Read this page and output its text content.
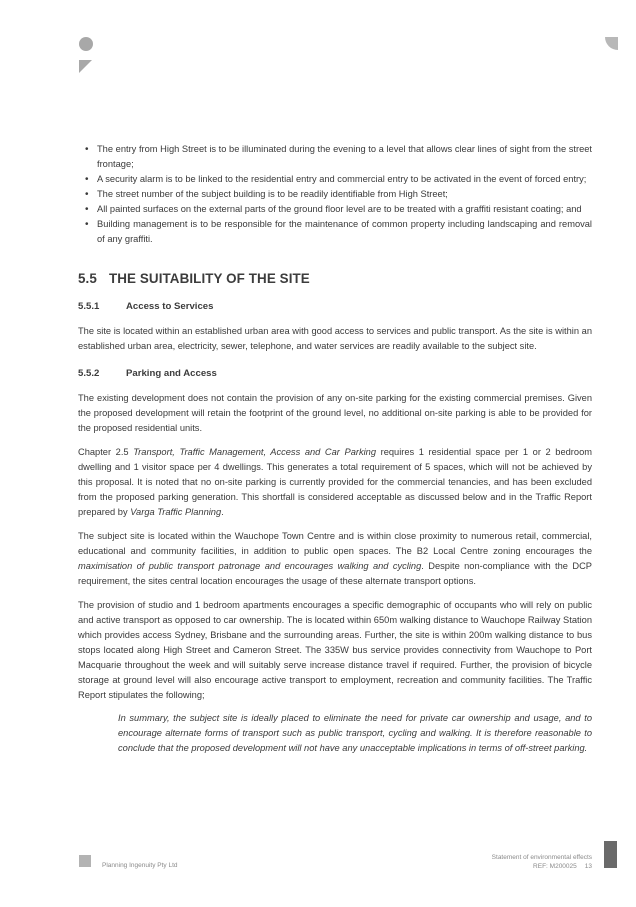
• The entry from High Street is to be illuminated during the evening to a level that allows clear lines of sight from the street frontage;
• A security alarm is to be linked to the residential entry and commercial entry to be activated in the event of forced entry;
• The street number of the subject building is to be readily identifiable from High Street;
• All painted surfaces on the external parts of the ground floor level are to be treated with a graffiti resistant coating; and
• Building management is to be responsible for the maintenance of common property including landscaping and removal of any graffiti.
5.5 THE SUITABILITY OF THE SITE
5.5.1	Access to Services

The site is located within an established urban area with good access to services and public transport. As the site is within an established urban area, electricity, sewer, telephone, and water services are readily available to the subject site.

5.5.2	Parking and Access

The existing development does not contain the provision of any on-site parking for the existing commercial premises. Given the proposed development will retain the footprint of the ground level, no additional on-site parking is able to be provided for the proposed residential units.

Chapter 2.5 Transport, Traffic Management, Access and Car Parking requires 1 residential space per 1 or 2 bedroom dwelling and 1 visitor space per 4 dwellings. This generates a total requirement of 5 spaces, which will not be achieved by this proposal. It is noted that no on-site parking is currently provided for the commercial tenancies, and has been excluded from the proposed parking generation. This shortfall is considered acceptable as discussed below and in the Traffic Report prepared by Varga Traffic Planning.

The subject site is located within the Wauchope Town Centre and is within close proximity to numerous retail, commercial, educational and community facilities, in addition to public open spaces. The B2 Local Centre zoning encourages the maximisation of public transport patronage and encourages walking and cycling. Despite non-compliance with the DCP requirement, the sites central location encourages the usage of these alternate transport options.

The provision of studio and 1 bedroom apartments encourages a specific demographic of occupants who will rely on public and active transport as opposed to car ownership. The is located within 650m walking distance to Wauchope Railway Station which provides access Sydney, Brisbane and the surrounding areas. Further, the site is within 200m walking distance to bus stops located along High Street and Cameron Street. The 335W bus service provides connectivity from Wauchope to Port Macquarie throughout the week and will suitably serve increase distance travel if required. Further, the provision of bicycle storage at ground level will also encourage active transport to employment, recreation and community facilities. The Traffic Report stipulates the following;

In summary, the subject site is ideally placed to eliminate the need for private car ownership and usage, and to encourage alternate forms of transport such as public transport, cycling and walking. It is therefore reasonable to conclude that the proposed development will not have any unacceptable implications in terms of off-street parking.
Planning Ingenuity Pty Ltd
Statement of environmental effects
REF: M200025 13
